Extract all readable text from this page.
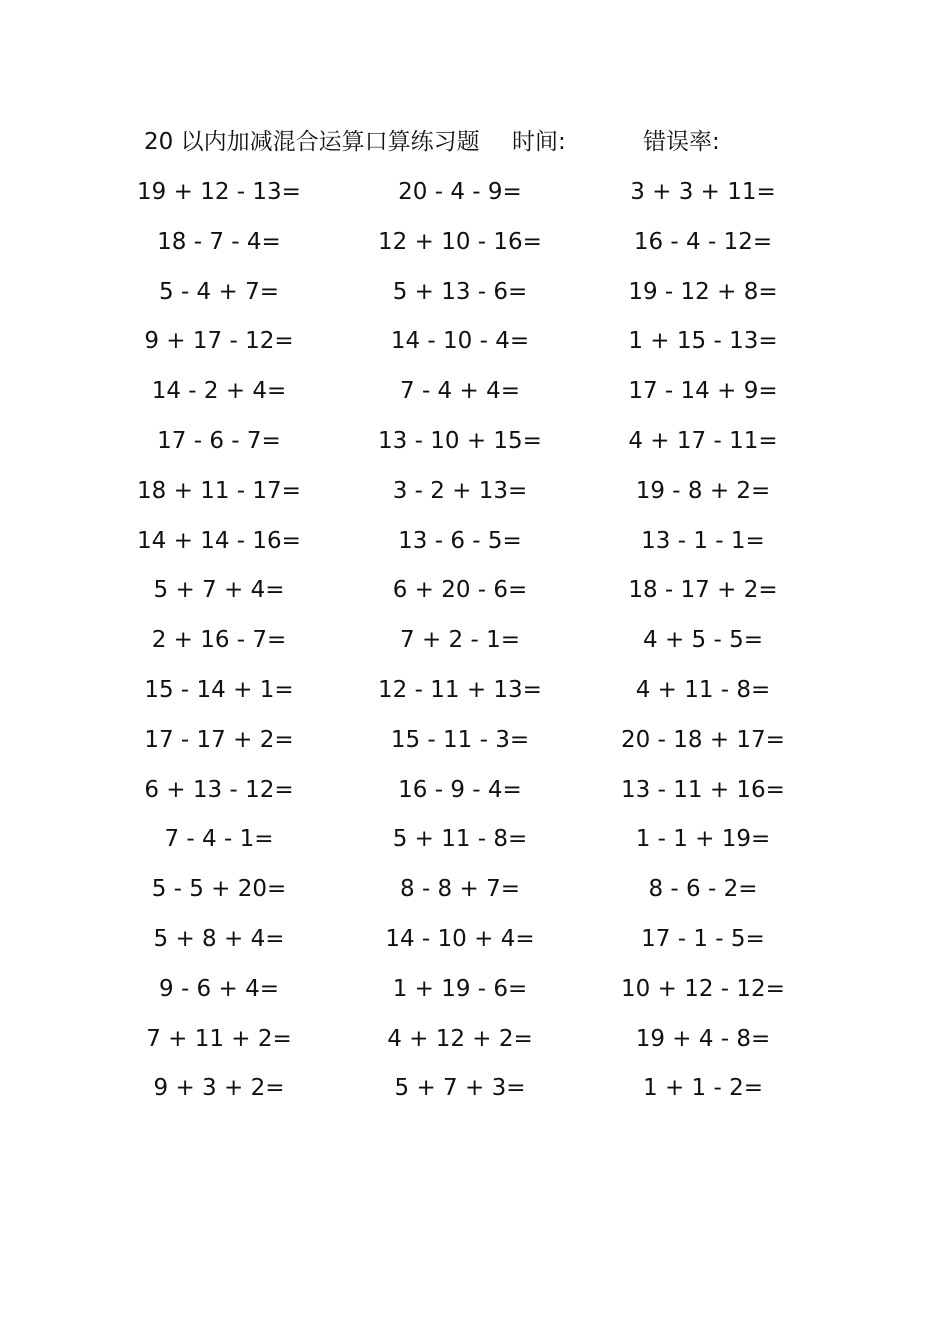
20 以内加减混合运算口算练习题 时间:	错误率:
19 + 12 - 13=	20 - 4 - 9=	3 + 3 + 11=
18 - 7 - 4=	12 + 10 - 16=	16 - 4 - 12=
5 - 4 + 7=	5 + 13 - 6=	19 - 12 + 8=
9 + 17 - 12=	14 - 10 - 4=	1 + 15 - 13=
14 - 2 + 4=	7 - 4 + 4=	17 - 14 + 9=
17 - 6 - 7=	13 - 10 + 15=	4 + 17 - 11=
18 + 11 - 17=	3 - 2 + 13=	19 - 8 + 2=
14 + 14 - 16=	13 - 6 - 5=	13 - 1 - 1=
5 + 7 + 4=	6 + 20 - 6=	18 - 17 + 2=
2 + 16 - 7=	7 + 2 - 1=	4 + 5 - 5=
15 - 14 + 1=	12 - 11 + 13=	4 + 11 - 8=
17 - 17 + 2=	15 - 11 - 3=	20 - 18 + 17=
6 + 13 - 12=	16 - 9 - 4=	13 - 11 + 16=
7 - 4 - 1=	5 + 11 - 8=	1 - 1 + 19=
5 - 5 + 20=	8 - 8 + 7=	8 - 6 - 2=
5 + 8 + 4=	14 - 10 + 4=	17 - 1 - 5=
9 - 6 + 4=	1 + 19 - 6=	10 + 12 - 12=
7 + 11 + 2=	4 + 12 + 2=	19 + 4 - 8=
9 + 3 + 2=	5 + 7 + 3=	1 + 1 - 2=
